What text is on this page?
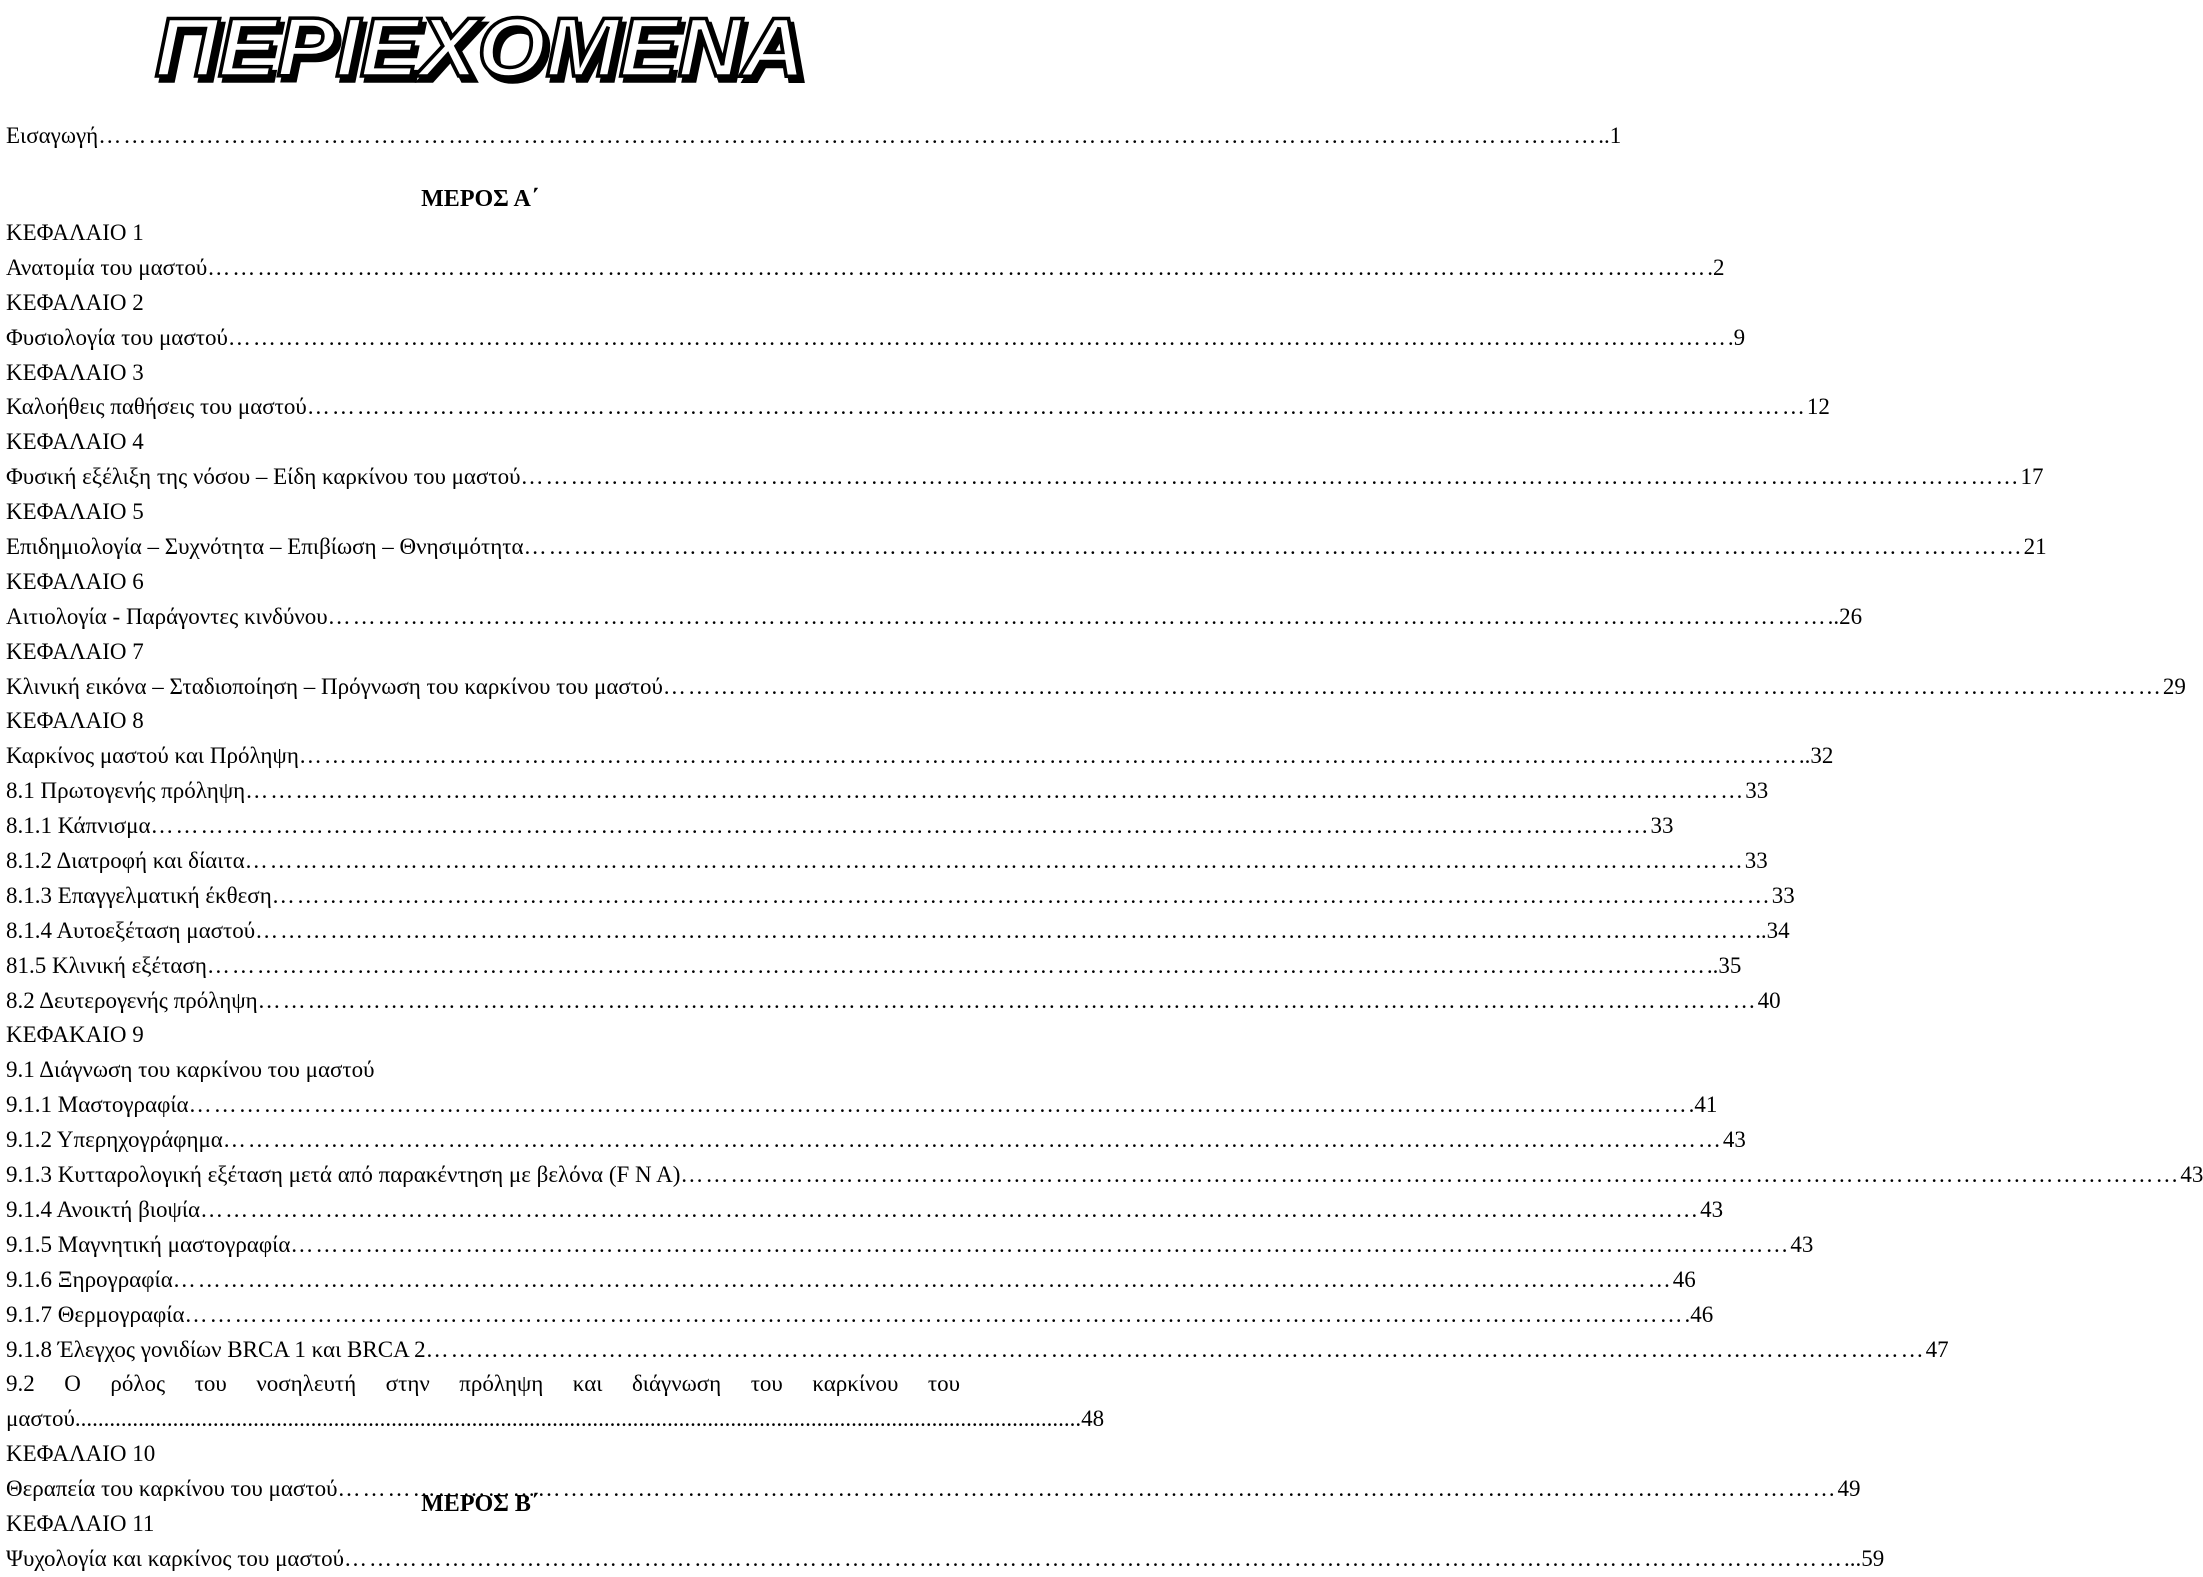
ΠΕΡΙΕΧΟΜΕΝΑ
Εισαγωγή ………………………………………………………………………………………………………………………………………………………………	..1
ΜΕΡΟΣ Α΄
ΚΕΦΑΛΑΙΟ 1
Ανατομία του μαστού ………………………………………………………………………………………………………………………………………………………………	.2
ΚΕΦΑΛΑΙΟ 2
Φυσιολογία του μαστού ………………………………………………………………………………………………………………………………………………………………	.9
ΚΕΦΑΛΑΙΟ 3
Καλοήθεις παθήσεις του μαστού ………………………………………………………………………………………………………………………………………………………………	12
ΚΕΦΑΛΑΙΟ 4
Φυσική εξέλιξη της νόσου – Είδη καρκίνου του μαστού ………………………………………………………………………………………………………………………………………………………………	17
ΚΕΦΑΛΑΙΟ 5
Επιδημιολογία – Συχνότητα – Επιβίωση – Θνησιμότητα ………………………………………………………………………………………………………………………………………………………………	21
ΚΕΦΑΛΑΙΟ 6
Αιτιολογία - Παράγοντες κινδύνου ………………………………………………………………………………………………………………………………………………………………	..26
ΚΕΦΑΛΑΙΟ 7
Κλινική εικόνα – Σταδιοποίηση – Πρόγνωση του καρκίνου του μαστού ………………………………………………………………………………………………………………………………………………………………	29
ΚΕΦΑΛΑΙΟ 8
Καρκίνος μαστού και Πρόληψη ………………………………………………………………………………………………………………………………………………………………	..32
8.1 Πρωτογενής πρόληψη ………………………………………………………………………………………………………………………………………………………………	33
8.1.1 Κάπνισμα ………………………………………………………………………………………………………………………………………………………………	33
8.1.2 Διατροφή και δίαιτα ………………………………………………………………………………………………………………………………………………………………	33
8.1.3 Επαγγελματική έκθεση ………………………………………………………………………………………………………………………………………………………………	33
8.1.4 Αυτοεξέταση μαστού ………………………………………………………………………………………………………………………………………………………………	..34
81.5 Κλινική εξέταση ………………………………………………………………………………………………………………………………………………………………	..35
8.2 Δευτερογενής πρόληψη ………………………………………………………………………………………………………………………………………………………………	40
ΚΕΦΑΚΑΙΟ 9
9.1 Διάγνωση του καρκίνου του μαστού
9.1.1 Μαστογραφία ………………………………………………………………………………………………………………………………………………………………	.41
9.1.2 Υπερηχογράφημα ………………………………………………………………………………………………………………………………………………………………	43
9.1.3 Κυτταρολογική εξέταση μετά από παρακέντηση με βελόνα (F N A) ………………………………………………………………………………………………………………………………………………………………	43
9.1.4 Ανοικτή βιοψία ………………………………………………………………………………………………………………………………………………………………	43
9.1.5 Μαγνητική μαστογραφία ………………………………………………………………………………………………………………………………………………………………	43
9.1.6 Ξηρογραφία ………………………………………………………………………………………………………………………………………………………………	46
9.1.7 Θερμογραφία ………………………………………………………………………………………………………………………………………………………………	.46
9.1.8 Έλεγχος γονιδίων BRCA 1 και BRCA 2 ………………………………………………………………………………………………………………………………………………………………	47
9.2 Ο ρόλος του νοσηλευτή στην πρόληψη και διάγνωση του καρκίνου του
μαστού ............................................................................................................................................................................... 48
ΚΕΦΑΛΑΙΟ 10
Θεραπεία του καρκίνου του μαστού ………………………………………………………………………………………………………………………………………………………………	49
ΚΕΦΑΛΑΙΟ 11
Ψυχολογία και καρκίνος του μαστού ………………………………………………………………………………………………………………………………………………………………	...59
ΜΕΡΟΣ Β΄
